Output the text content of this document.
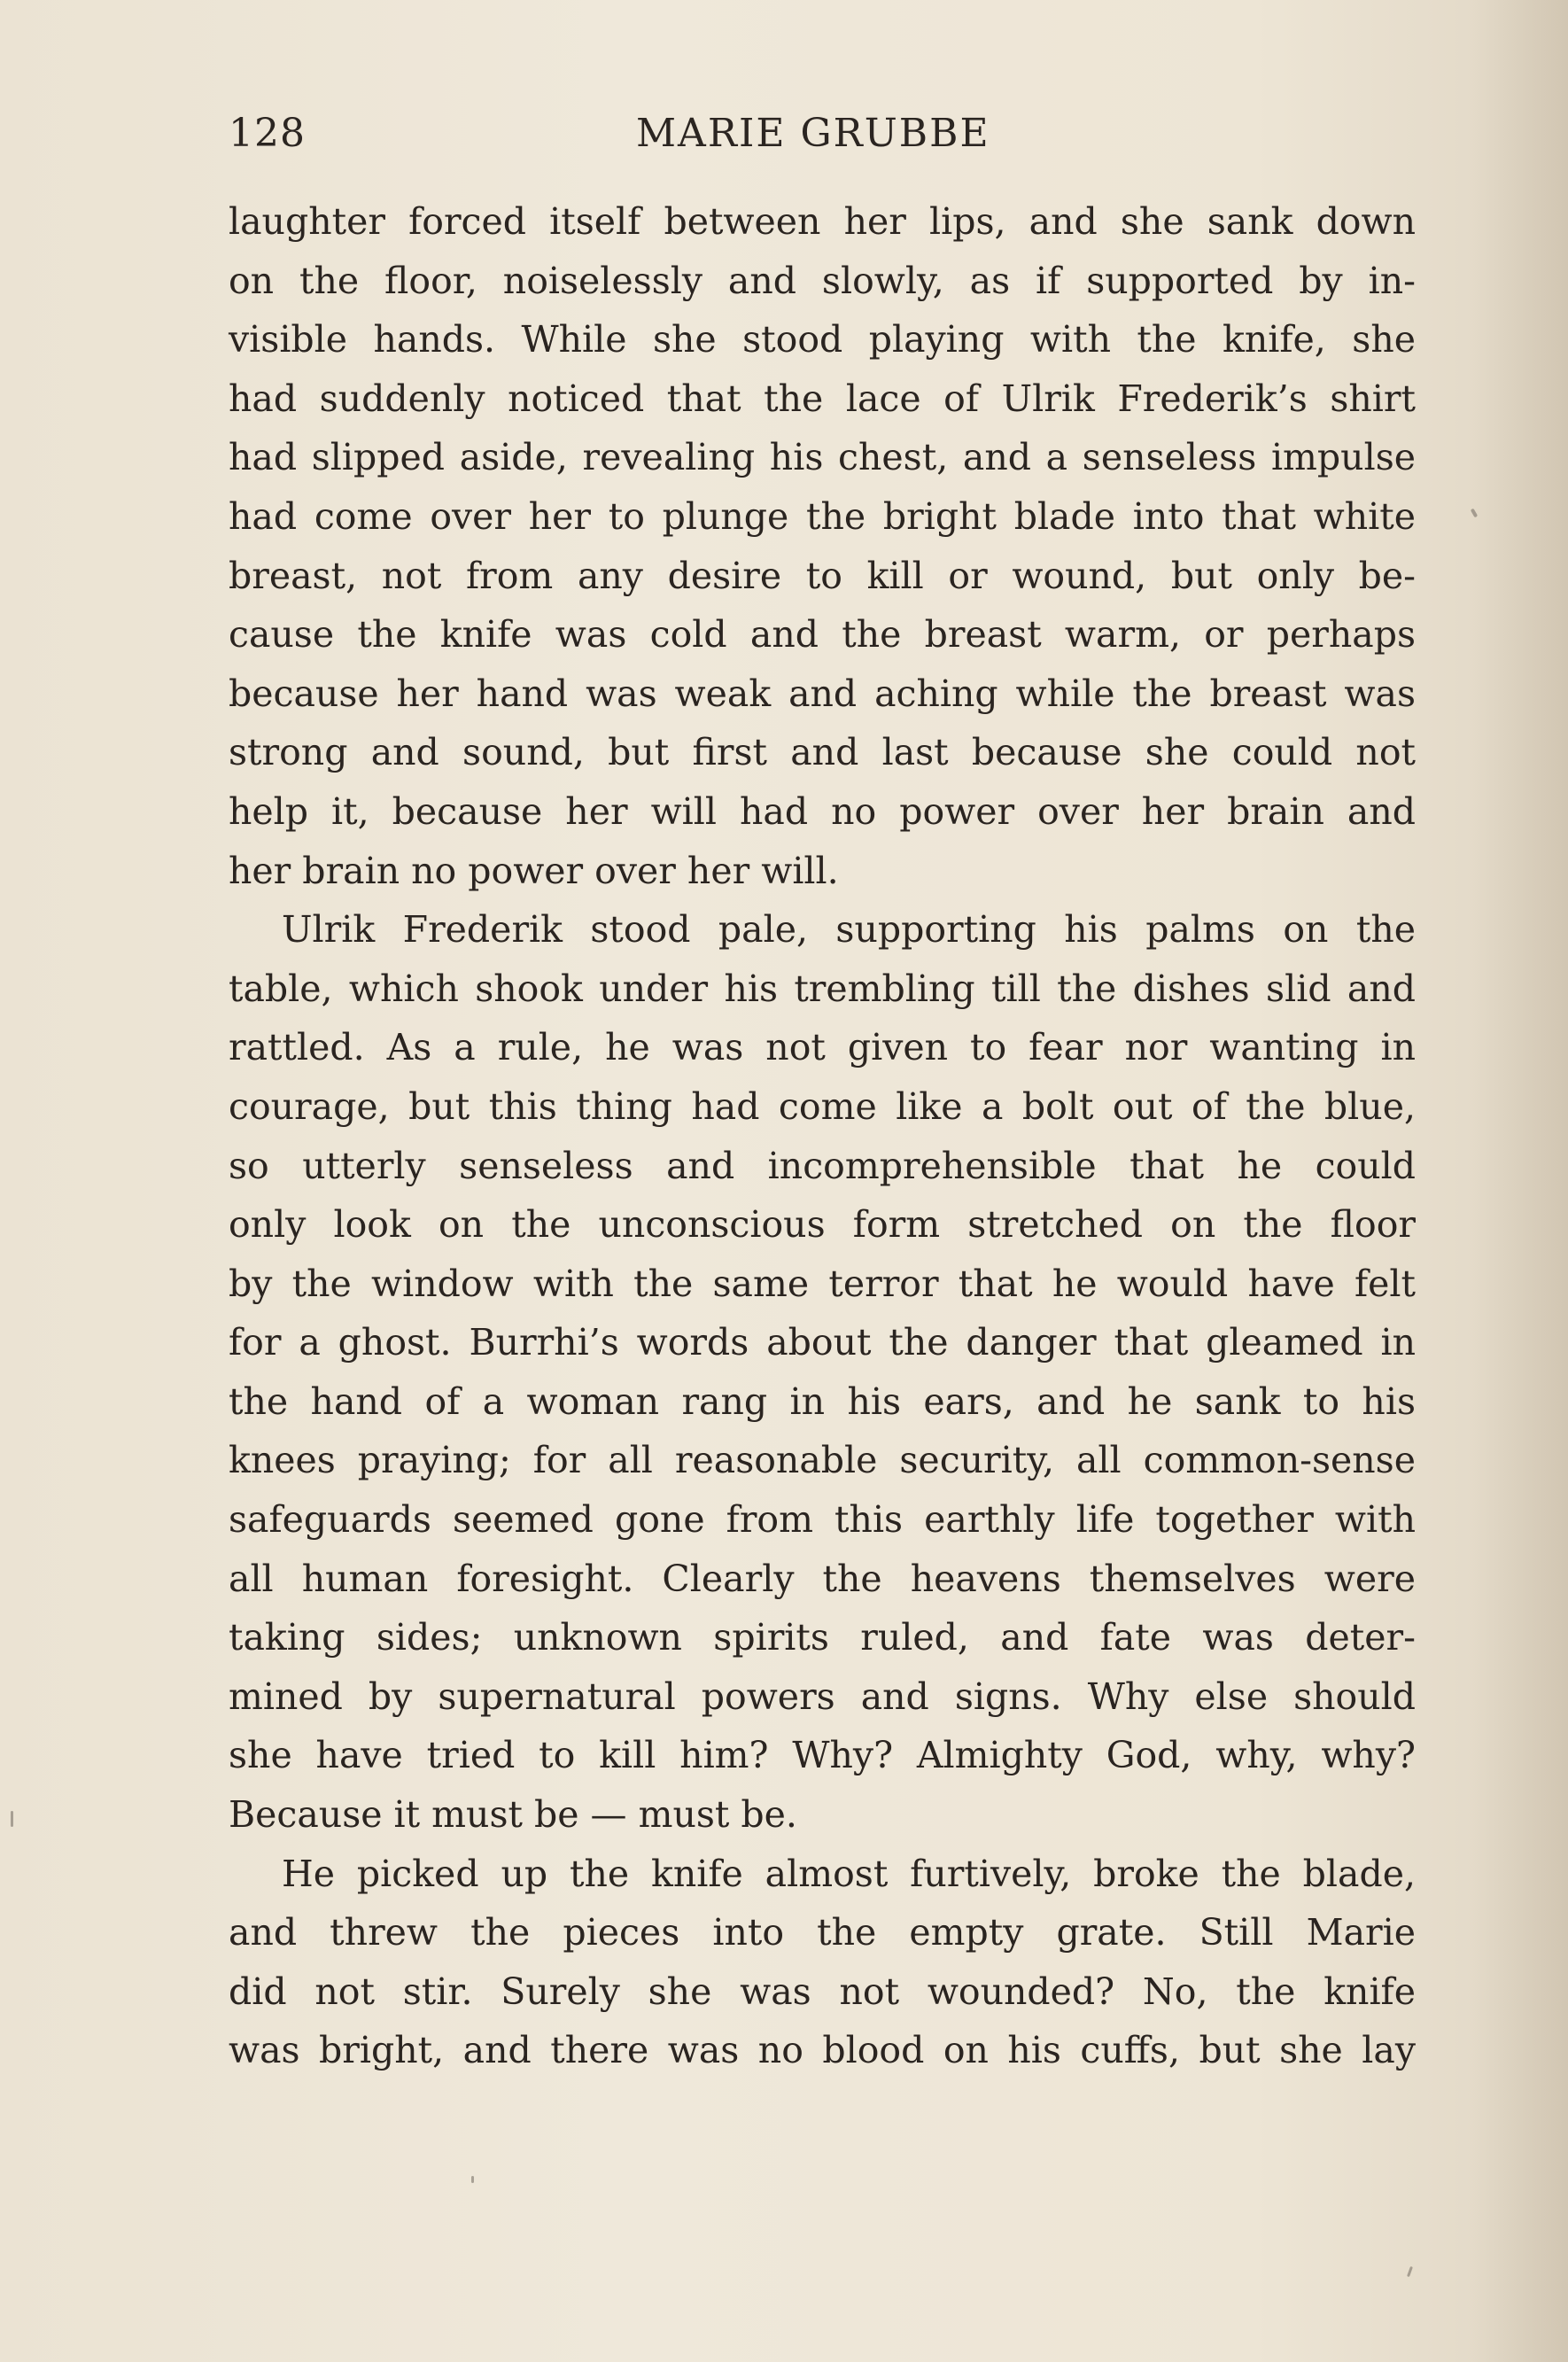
128	MARIE GRUBBE
laughter forced itself between her lips, and she sank down
on the floor, noiselessly and slowly, as if supported by in-
visible hands. While she stood playing with the knife, she
had suddenly noticed that the lace of Ulrik Frederik’s shirt
had slipped aside, revealing his chest, and a senseless impulse
had come over her to plunge the bright blade into that white
breast, not from any desire to kill or wound, but only be-
cause the knife was cold and the breast warm, or perhaps
because her hand was weak and aching while the breast was
strong and sound, but first and last because she could not
help it, because her will had no power over her brain and
her brain no power over her will.
Ulrik Frederik stood pale, supporting his palms on the
table, which shook under his trembling till the dishes slid and
rattled. As a rule, he was not given to fear nor wanting in
courage, but this thing had come like a bolt out of the blue,
so utterly senseless and incomprehensible that he could
only look on the unconscious form stretched on the floor
by the window with the same terror that he would have felt
for a ghost. Burrhi’s words about the danger that gleamed in
the hand of a woman rang in his ears, and he sank to his
knees praying; for all reasonable security, all common-sense
safeguards seemed gone from this earthly life together with
all human foresight. Clearly the heavens themselves were
taking sides; unknown spirits ruled, and fate was deter-
mined by supernatural powers and signs. Why else should
she have tried to kill him? Why? Almighty God, why, why?
Because it must be — must be.
He picked up the knife almost furtively, broke the blade,
and threw the pieces into the empty grate. Still Marie
did not stir. Surely she was not wounded? No, the knife
was bright, and there was no blood on his cuffs, but she lay
